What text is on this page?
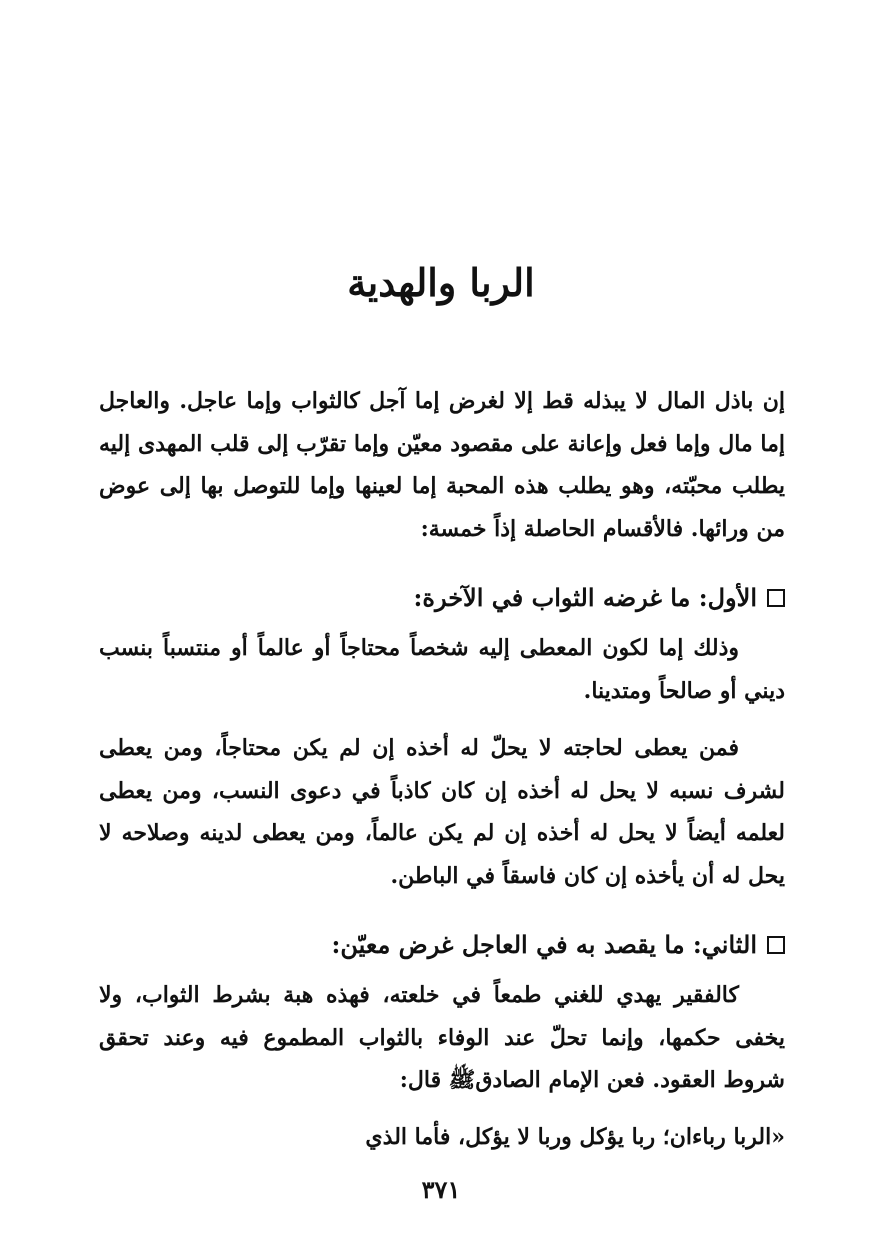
الربا والهدية

إن باذل المال لا يبذله قط إلا لغرض إما آجل كالثواب وإما عاجل. والعاجل إما مال وإما فعل وإعانة على مقصود معيّن وإما تقرّب إلى قلب المهدى إليه يطلب محبّته، وهو يطلب هذه المحبة إما لعينها وإما للتوصل بها إلى عوض من ورائها. فالأقسام الحاصلة إذاً خمسة:

الأول: ما غرضه الثواب في الآخرة:

وذلك إما لكون المعطى إليه شخصاً محتاجاً أو عالماً أو منتسباً بنسب ديني أو صالحاً ومتدينا.

فمن يعطى لحاجته لا يحلّ له أخذه إن لم يكن محتاجاً، ومن يعطى لشرف نسبه لا يحل له أخذه إن كان كاذباً في دعوى النسب، ومن يعطى لعلمه أيضاً لا يحل له أخذه إن لم يكن عالماً، ومن يعطى لدينه وصلاحه لا يحل له أن يأخذه إن كان فاسقاً في الباطن.

الثاني: ما يقصد به في العاجل غرض معيّن:

كالفقير يهدي للغني طمعاً في خلعته، فهذه هبة بشرط الثواب، ولا يخفى حكمها، وإنما تحلّ عند الوفاء بالثواب المطموع فيه وعند تحقق شروط العقود. فعن الإمام الصادقﷺ قال:

«الربا رباءان؛ ربا يؤكل وربا لا يؤكل، فأما الذي

٣٧١
